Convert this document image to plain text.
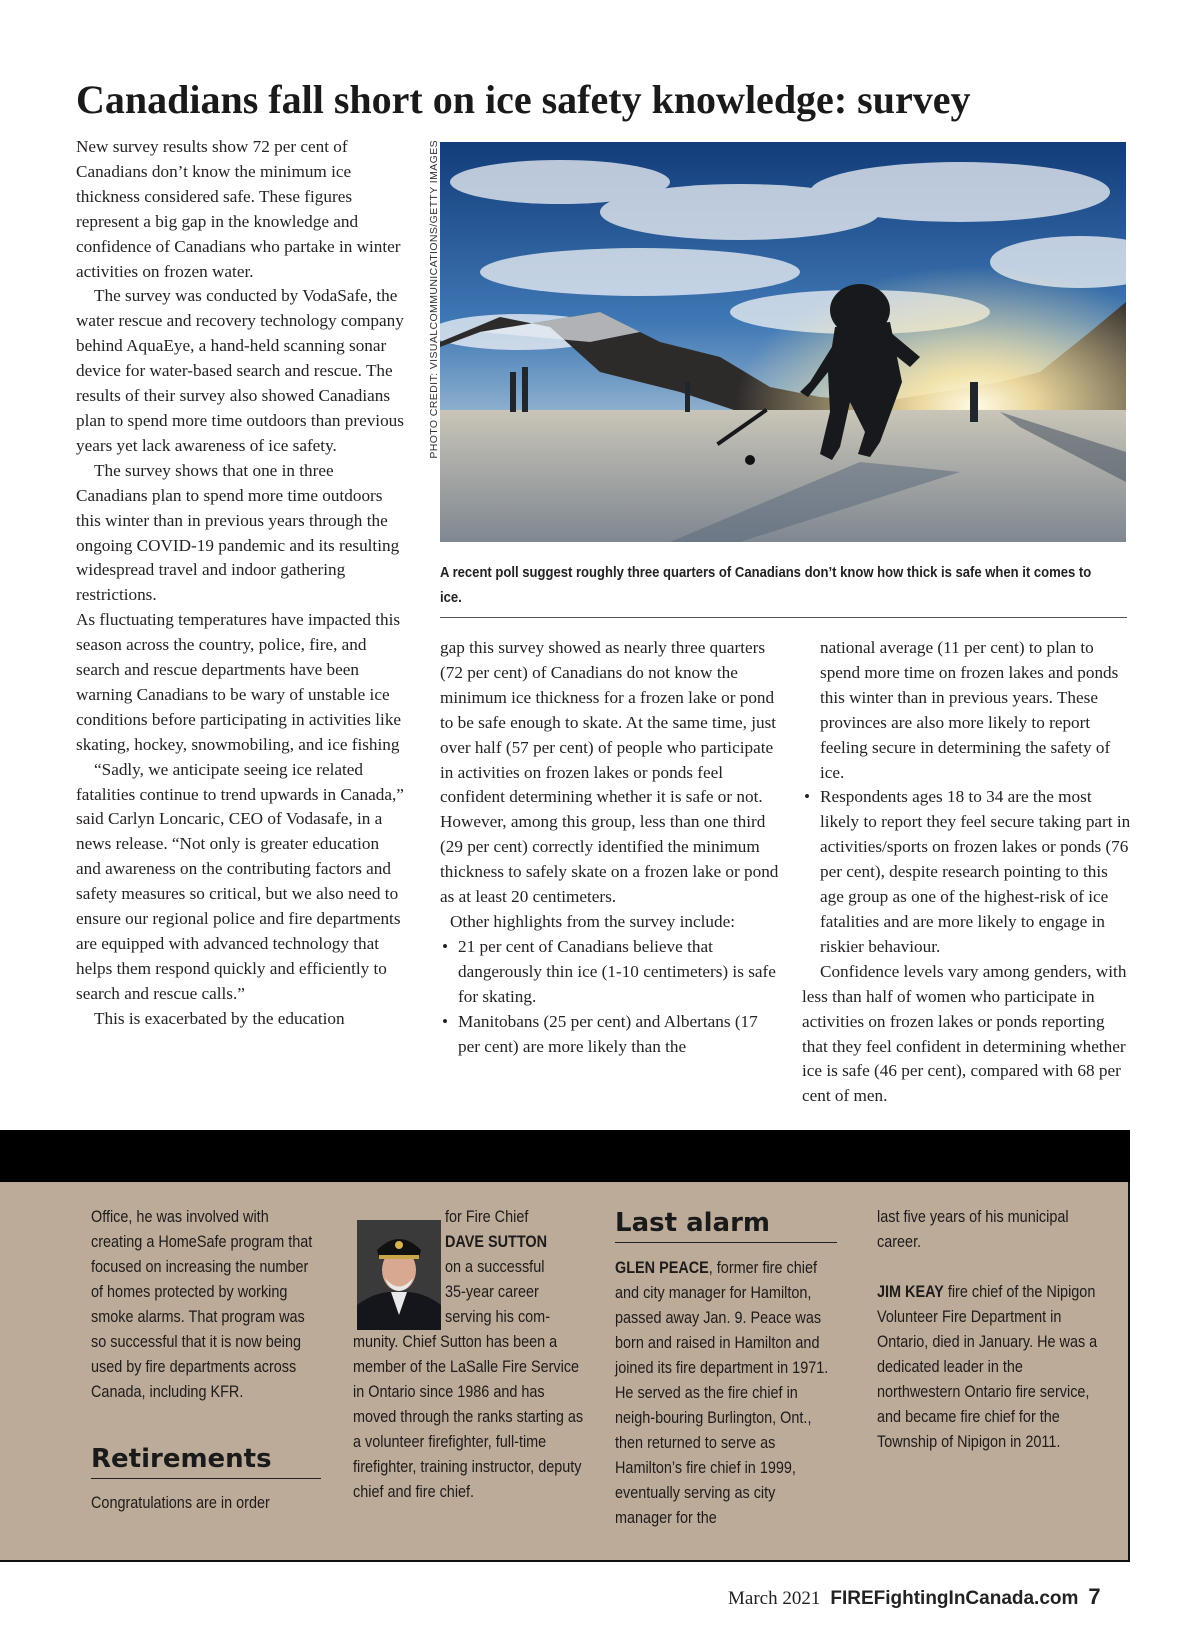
Canadians fall short on ice safety knowledge: survey

New survey results show 72 per cent of Canadians don’t know the minimum ice thickness considered safe. These figures represent a big gap in the knowledge and confidence of Canadians who partake in winter activities on frozen water.

The survey was conducted by VodaSafe, the water rescue and recovery technology company behind AquaEye, a hand-held scanning sonar device for water-based search and rescue. The results of their survey also showed Canadians plan to spend more time outdoors than previous years yet lack awareness of ice safety.

The survey shows that one in three Canadians plan to spend more time outdoors this winter than in previous years through the ongoing COVID-19 pandemic and its resulting widespread travel and indoor gathering restrictions.

As fluctuating temperatures have impacted this season across the country, police, fire, and search and rescue departments have been warning Canadians to be wary of unstable ice conditions before participating in activities like skating, hockey, snowmobiling, and ice fishing

“Sadly, we anticipate seeing ice related fatalities continue to trend upwards in Canada,” said Carlyn Loncaric, CEO of Vodasafe, in a news release. “Not only is greater education and awareness on the contributing factors and safety measures so critical, but we also need to ensure our regional police and fire departments are equipped with advanced technology that helps them respond quickly and efficiently to search and rescue calls.”

This is exacerbated by the education

PHOTO CREDIT: VISUALCOMMUNICATIONS/GETTY IMAGES
A recent poll suggest roughly three quarters of Canadians don’t know how thick is safe when it comes to ice.

gap this survey showed as nearly three quarters (72 per cent) of Canadians do not know the minimum ice thickness for a frozen lake or pond to be safe enough to skate. At the same time, just over half (57 per cent) of people who participate in activities on frozen lakes or ponds feel confident determining whether it is safe or not. However, among this group, less than one third (29 per cent) correctly identified the minimum thickness to safely skate on a frozen lake or pond as at least 20 centimeters.

Other highlights from the survey include:

• 21 per cent of Canadians believe that dangerously thin ice (1-10 centimeters) is safe for skating.
• Manitobans (25 per cent) and Albertans (17 per cent) are more likely than the

national average (11 per cent) to plan to spend more time on frozen lakes and ponds this winter than in previous years. These provinces are also more likely to report feeling secure in determining the safety of ice.

• Respondents ages 18 to 34 are the most likely to report they feel secure taking part in activities/sports on frozen lakes or ponds (76 per cent), despite research pointing to this age group as one of the highest-risk of ice fatalities and are more likely to engage in riskier behaviour.

Confidence levels vary among genders, with less than half of women who participate in activities on frozen lakes or ponds reporting that they feel confident in determining whether ice is safe (46 per cent), compared with 68 per cent of men.

Office, he was involved with creating a HomeSafe program that focused on increasing the number of homes protected by working smoke alarms. That program was so successful that it is now being used by fire departments across Canada, including KFR.
Retirements
Congratulations are in order
for Fire Chief
DAVE SUTTON
on a successful
35-year career
serving his com-
munity. Chief Sutton has been a member of the LaSalle Fire Service in Ontario since 1986 and has moved through the ranks starting as a volunteer firefighter, full-time firefighter, training instructor, deputy chief and fire chief.
Last alarm
GLEN PEACE, former fire chief and city manager for Hamilton, passed away Jan. 9. Peace was born and raised in Hamilton and joined its fire department in 1971. He served as the fire chief in neigh-bouring Burlington, Ont., then returned to serve as Hamilton’s fire chief in 1999, eventually serving as city manager for the
last five years of his municipal career.
JIM KEAY fire chief of the Nipigon Volunteer Fire Department in Ontario, died in January. He was a dedicated leader in the northwestern Ontario fire service, and became fire chief for the Township of Nipigon in 2011.
March 2021 FIREFightingInCanada.com 7
